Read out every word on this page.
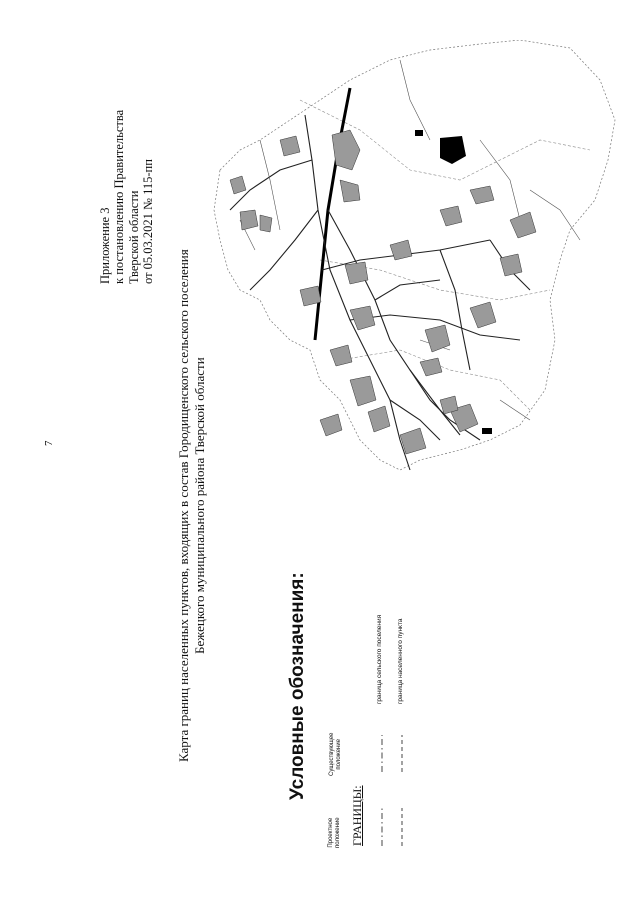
7
Приложение 3 к постановлению Правительства Тверской области от 05.03.2021 № 115-пп
Карта границ населенных пунктов, входящих в состав Городищенского сельского поселения Бежецкого муниципального района Тверской области
Условные обозначения:
Проектное положение
Существующее положение
ГРАНИЦЫ:
граница сельского поселения граница населенного пункта
